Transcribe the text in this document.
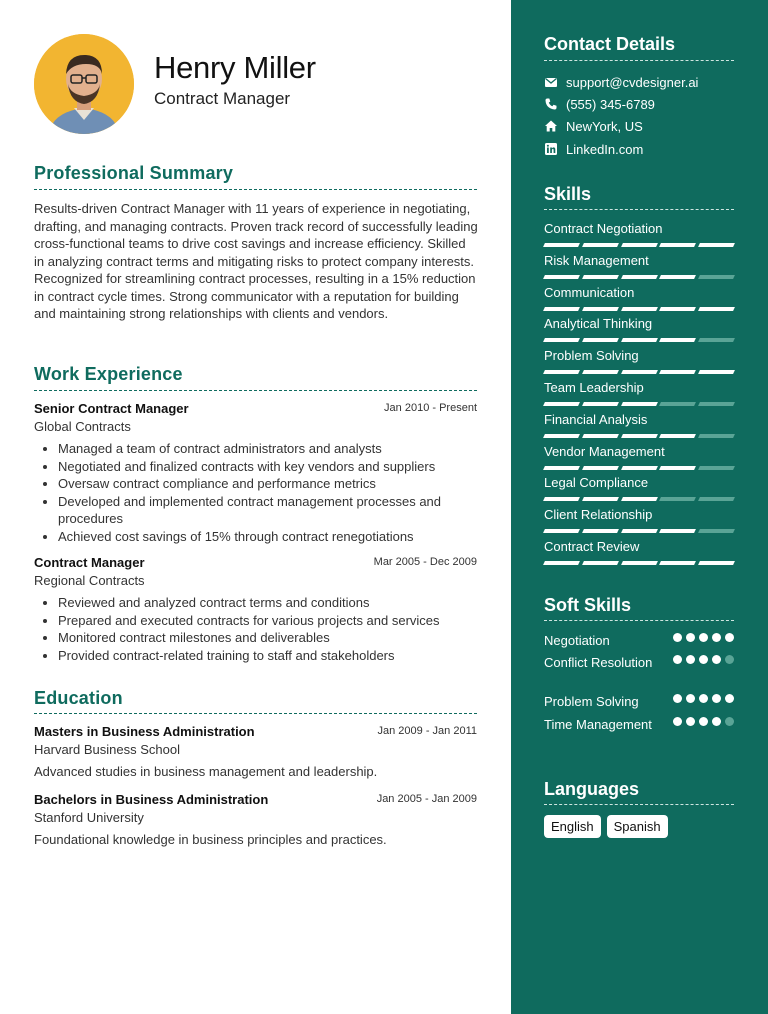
Henry Miller
Contract Manager
Professional Summary
Results-driven Contract Manager with 11 years of experience in negotiating, drafting, and managing contracts. Proven track record of successfully leading cross-functional teams to drive cost savings and increase efficiency. Skilled in analyzing contract terms and mitigating risks to protect company interests. Recognized for streamlining contract processes, resulting in a 15% reduction in contract cycle times. Strong communicator with a reputation for building and maintaining strong relationships with clients and vendors.
Work Experience
Senior Contract Manager	Jan 2010 - Present
Global Contracts
• Managed a team of contract administrators and analysts
• Negotiated and finalized contracts with key vendors and suppliers
• Oversaw contract compliance and performance metrics
• Developed and implemented contract management processes and procedures
• Achieved cost savings of 15% through contract renegotiations
Contract Manager	Mar 2005 - Dec 2009
Regional Contracts
• Reviewed and analyzed contract terms and conditions
• Prepared and executed contracts for various projects and services
• Monitored contract milestones and deliverables
• Provided contract-related training to staff and stakeholders
Education
Masters in Business Administration	Jan 2009 - Jan 2011
Harvard Business School
Advanced studies in business management and leadership.
Bachelors in Business Administration	Jan 2005 - Jan 2009
Stanford University
Foundational knowledge in business principles and practices.
Contact Details
support@cvdesigner.ai
(555) 345-6789
NewYork, US
LinkedIn.com
Skills
Contract Negotiation
Risk Management
Communication
Analytical Thinking
Problem Solving
Team Leadership
Financial Analysis
Vendor Management
Legal Compliance
Client Relationship
Contract Review
Soft Skills
Negotiation
Conflict Resolution
Problem Solving
Time Management
Languages
English	Spanish
